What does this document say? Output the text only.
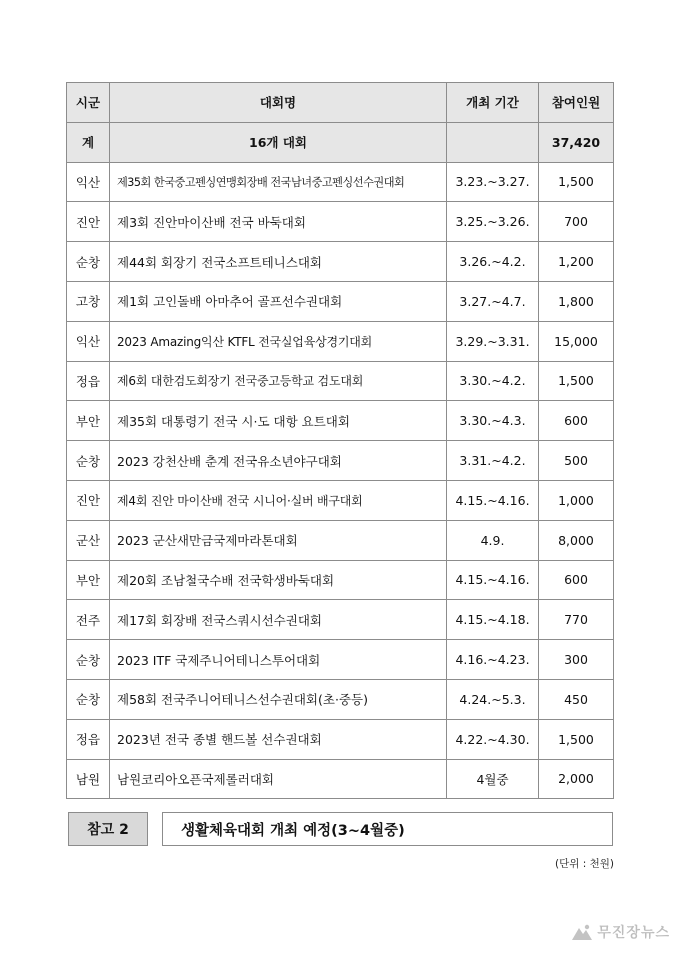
시군	대회명	개최 기간	참여인원
계	16개 대회		37,420
익산	제35회 한국중고펜싱연맹회장배 전국남녀중고펜싱선수권대회	3.23.~3.27.	1,500
진안	제3회 진안마이산배 전국 바둑대회	3.25.~3.26.	700
순창	제44회 회장기 전국소프트테니스대회	3.26.~4.2.	1,200
고창	제1회 고인돌배 아마추어 골프선수권대회	3.27.~4.7.	1,800
익산	2023 Amazing익산 KTFL 전국실업육상경기대회	3.29.~3.31.	15,000
정읍	제6회 대한검도회장기 전국중고등학교 검도대회	3.30.~4.2.	1,500
부안	제35회 대통령기 전국 시·도 대항 요트대회	3.30.~4.3.	600
순창	2023 강천산배 춘계 전국유소년야구대회	3.31.~4.2.	500
진안	제4회 진안 마이산배 전국 시니어·실버 배구대회	4.15.~4.16.	1,000
군산	2023 군산새만금국제마라톤대회	4.9.	8,000
부안	제20회 조남철국수배 전국학생바둑대회	4.15.~4.16.	600
전주	제17회 회장배 전국스쿼시선수권대회	4.15.~4.18.	770
순창	2023 ITF 국제주니어테니스투어대회	4.16.~4.23.	300
순창	제58회 전국주니어테니스선수권대회(초·중등)	4.24.~5.3.	450
정읍	2023년 전국 종별 핸드볼 선수권대회	4.22.~4.30.	1,500
남원	남원코리아오픈국제롤러대회	4월중	2,000
참고 2	생활체육대회 개최 예정(3~4월중)
(단위 : 천원)
무진장뉴스
